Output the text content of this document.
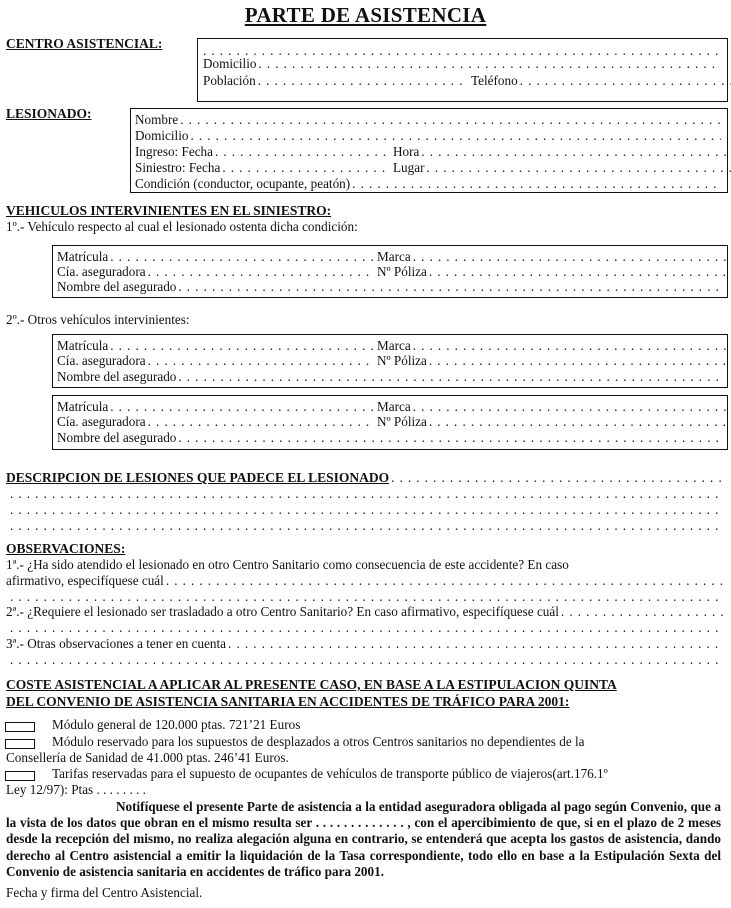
PARTE DE ASISTENCIA
CENTRO ASISTENCIAL:
. . .
Domicilio
. . .
Población . . .	Teléfono
. . .
LESIONADO:	Nombre
. . .
Domicilio
. . .
Ingreso: Fecha . . .	Hora
. . .
Siniestro: Fecha . . .	Lugar
. . .
Condición (conductor, ocupante, peatón)
. . .
VEHICULOS INTERVINIENTES EN EL SINIESTRO:
1º.- Vehículo respecto al cual el lesionado ostenta dicha condición:
Matrícula . . .	Marca
. . .
Cía. aseguradora . . .	Nº Póliza
. . .
Nombre del asegurado
. . .
2º.- Otros vehículos intervinientes:
Matrícula . . .	Marca
. . .
Cía. aseguradora . . .	Nº Póliza
. . .
Nombre del asegurado
. . .
Matrícula . . .	Marca
. . .
Cía. aseguradora . . .	Nº Póliza
. . .
Nombre del asegurado
. . .
DESCRIPCION DE LESIONES QUE PADECE EL LESIONADO
. . .
. . .
. . .
. . .
OBSERVACIONES:
1ª.- ¿Ha sido atendido el lesionado en otro Centro Sanitario como consecuencia de este accidente? En caso
afirmativo, especifíquese cuál
. . .
. . .
2ª.- ¿Requiere el lesionado ser trasladado a otro Centro Sanitario? En caso afirmativo, especifíquese cuál
. . .
. . .
3ª.- Otras observaciones a tener en cuenta
. . .
. . .
COSTE ASISTENCIAL A APLICAR AL PRESENTE CASO, EN BASE A LA ESTIPULACION QUINTA
DEL CONVENIO DE ASISTENCIA SANITARIA EN ACCIDENTES DE TRÁFICO PARA 2001:
Módulo general de 120.000 ptas. 721’21 Euros
Módulo reservado para los supuestos de desplazados a otros Centros sanitarios no dependientes de la
Consellería de Sanidad de 41.000 ptas. 246’41 Euros.
Tarifas reservadas para el supuesto de ocupantes de vehículos de transporte público de viajeros(art.176.1º
Ley 12/97): Ptas . . . . . . . .
Notifíquese el presente Parte de asistencia a la entidad aseguradora obligada al pago según Convenio, que a la vista de los datos que obran en el mismo resulta ser . . . . . . . . . . . . . , con el apercibimiento de que, si en el plazo de 2 meses desde la recepción del mismo, no realiza alegación alguna en contrario, se entenderá que acepta los gastos de asistencia, dando derecho al Centro asistencial a emitir la liquidación de la Tasa correspondiente, todo ello en base a la Estipulación Sexta del Convenio de asistencia sanitaria en accidentes de tráfico para 2001.
Fecha y firma del Centro Asistencial.
